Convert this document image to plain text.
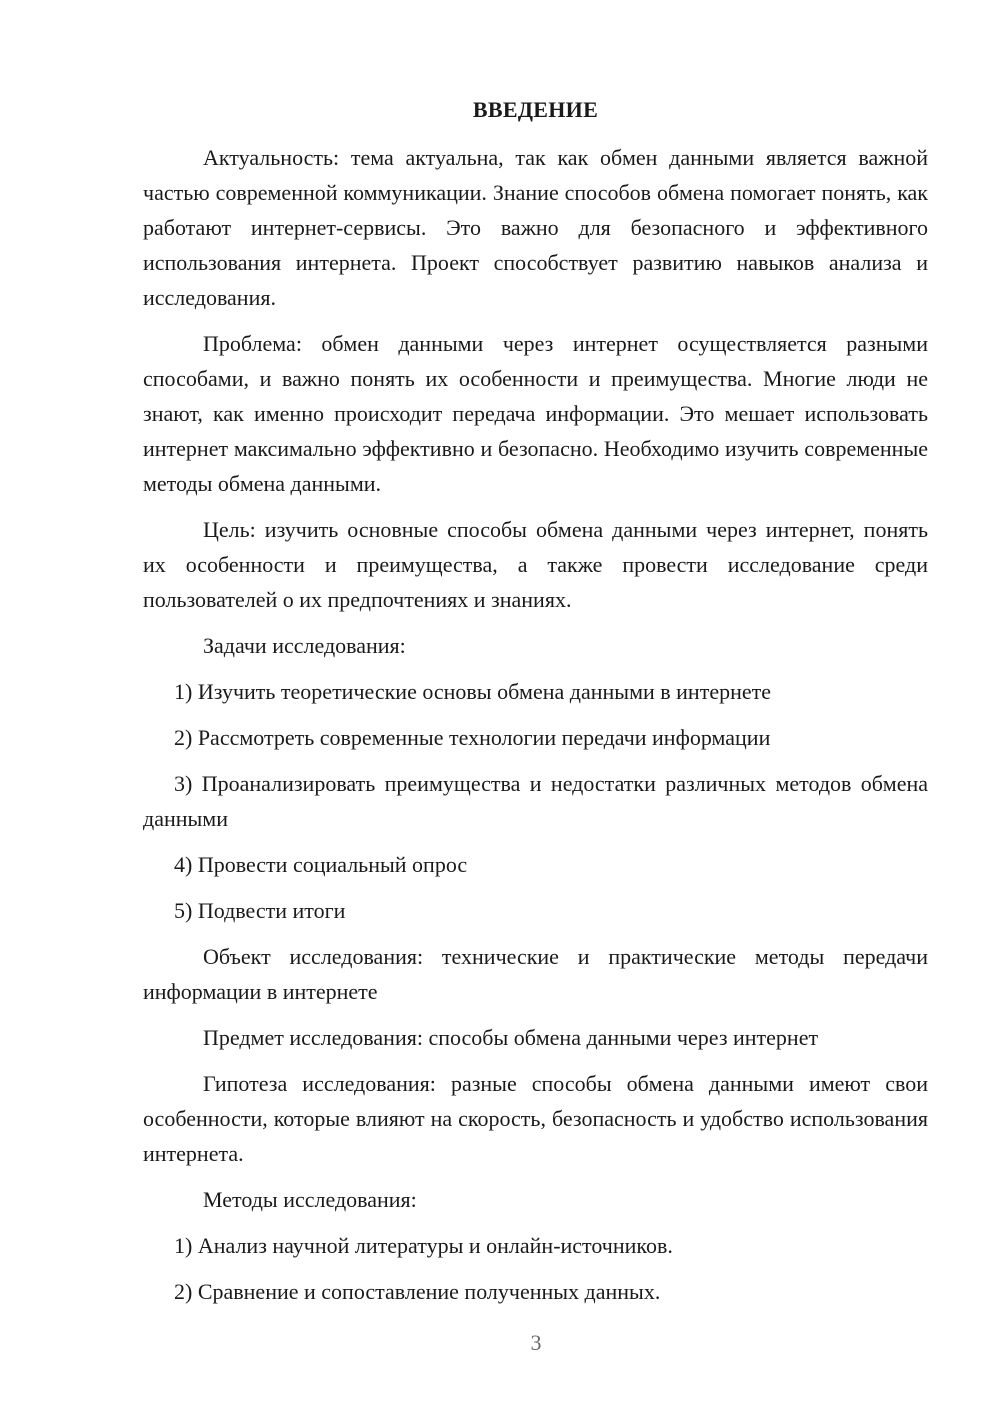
ВВЕДЕНИЕ

Актуальность: тема актуальна, так как обмен данными является важной частью современной коммуникации. Знание способов обмена помогает понять, как работают интернет-сервисы. Это важно для безопасного и эффективного использования интернета. Проект способствует развитию навыков анализа и исследования.

Проблема: обмен данными через интернет осуществляется разными способами, и важно понять их особенности и преимущества. Многие люди не знают, как именно происходит передача информации. Это мешает использовать интернет максимально эффективно и безопасно. Необходимо изучить современные методы обмена данными.

Цель: изучить основные способы обмена данными через интернет, понять их особенности и преимущества, а также провести исследование среди пользователей о их предпочтениях и знаниях.

Задачи исследования:

1) Изучить теоретические основы обмена данными в интернете

2) Рассмотреть современные технологии передачи информации

3) Проанализировать преимущества и недостатки различных методов обмена данными

4) Провести социальный опрос

5) Подвести итоги

Объект исследования: технические и практические методы передачи информации в интернете

Предмет исследования: способы обмена данными через интернет

Гипотеза исследования: разные способы обмена данными имеют свои особенности, которые влияют на скорость, безопасность и удобство использования интернета.

Методы исследования:

1) Анализ научной литературы и онлайн-источников.

2) Сравнение и сопоставление полученных данных.

3
